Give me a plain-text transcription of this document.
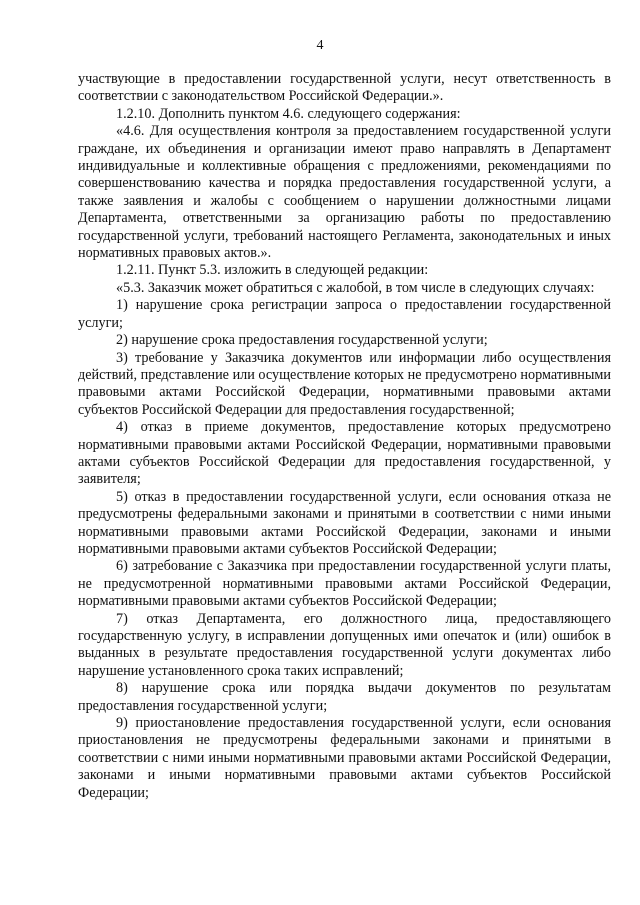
4

участвующие в предоставлении государственной услуги, несут ответственность в соответствии с законодательством Российской Федерации.».

1.2.10. Дополнить пунктом 4.6. следующего содержания:

«4.6. Для осуществления контроля за предоставлением государственной услуги граждане, их объединения и организации имеют право направлять в Департамент индивидуальные и коллективные обращения с предложениями, рекомендациями по совершенствованию качества и порядка предоставления государственной услуги, а также заявления и жалобы с сообщением о нарушении должностными лицами Департамента, ответственными за организацию работы по предоставлению государственной услуги, требований настоящего Регламента, законодательных и иных нормативных правовых актов.».

1.2.11. Пункт 5.3. изложить в следующей редакции:

«5.3. Заказчик может обратиться с жалобой, в том числе в следующих случаях:

1) нарушение срока регистрации запроса о предоставлении государственной услуги;

2) нарушение срока предоставления государственной услуги;

3) требование у Заказчика документов или информации либо осуществления действий, представление или осуществление которых не предусмотрено нормативными правовыми актами Российской Федерации, нормативными правовыми актами субъектов Российской Федерации для предоставления государственной;

4) отказ в приеме документов, предоставление которых предусмотрено нормативными правовыми актами Российской Федерации, нормативными правовыми актами субъектов Российской Федерации для предоставления государственной, у заявителя;

5) отказ в предоставлении государственной услуги, если основания отказа не предусмотрены федеральными законами и принятыми в соответствии с ними иными нормативными правовыми актами Российской Федерации, законами и иными нормативными правовыми актами субъектов Российской Федерации;

6) затребование с Заказчика при предоставлении государственной услуги платы, не предусмотренной нормативными правовыми актами Российской Федерации, нормативными правовыми актами субъектов Российской Федерации;

7) отказ Департамента, его должностного лица, предоставляющего государственную услугу, в исправлении допущенных ими опечаток и (или) ошибок в выданных в результате предоставления государственной услуги документах либо нарушение установленного срока таких исправлений;

8) нарушение срока или порядка выдачи документов по результатам предоставления государственной услуги;

9) приостановление предоставления государственной услуги, если основания приостановления не предусмотрены федеральными законами и принятыми в соответствии с ними иными нормативными правовыми актами Российской Федерации, законами и иными нормативными правовыми актами субъектов Российской Федерации;
